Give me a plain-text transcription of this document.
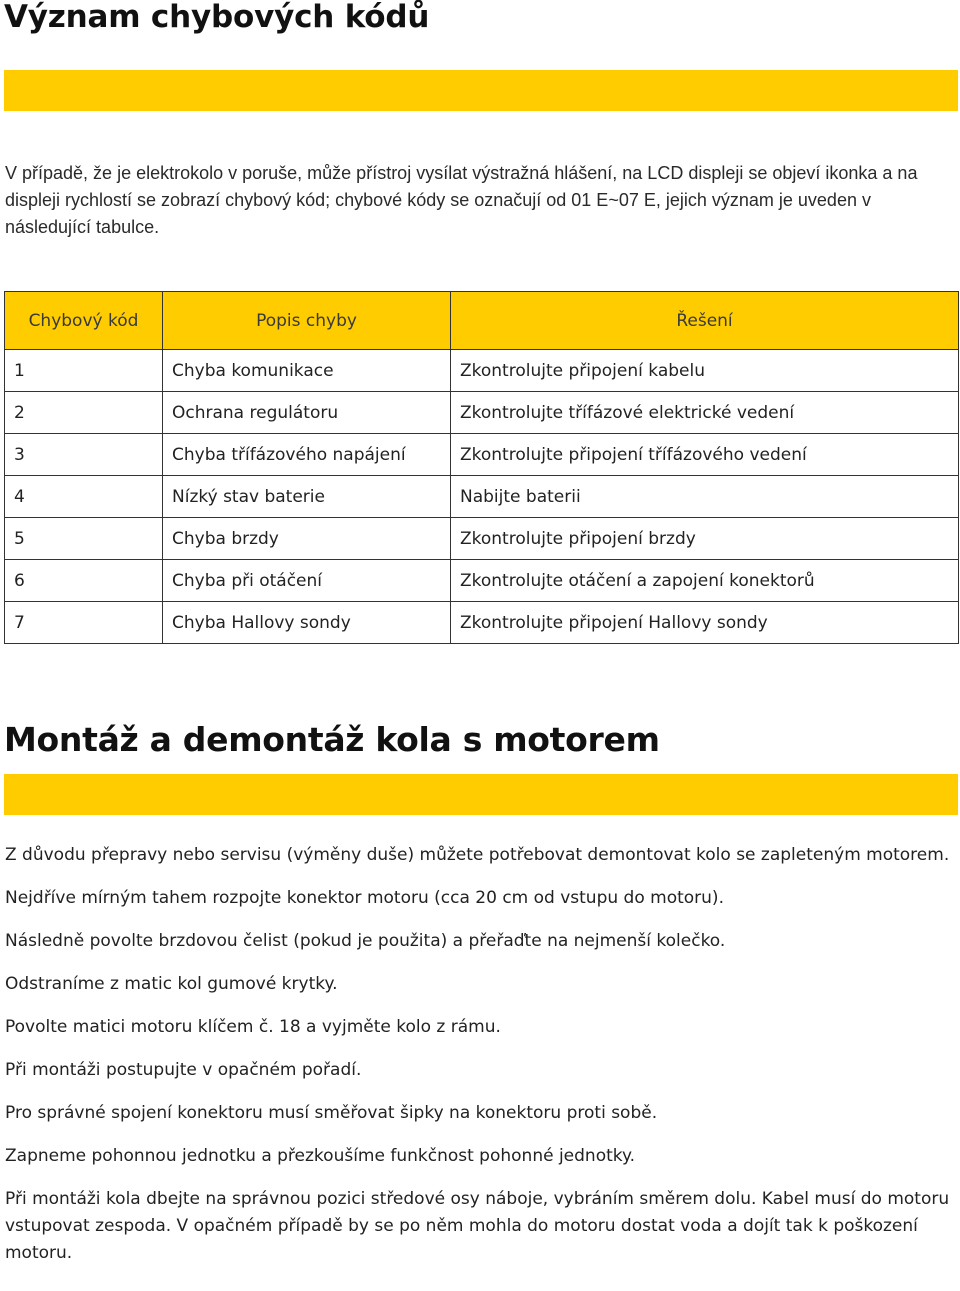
Význam chybových kódů

V případě, že je elektrokolo v poruše, může přístroj vysílat výstražná hlášení, na LCD displeji se objeví ikonka a na displeji rychlostí se zobrazí chybový kód; chybové kódy se označují od 01 E~07 E, jejich význam je uveden v následující tabulce.

Chybový kód	Popis chyby	Řešení
1	Chyba komunikace	Zkontrolujte připojení kabelu
2	Ochrana regulátoru	Zkontrolujte třífázové elektrické vedení
3	Chyba třífázového napájení	Zkontrolujte připojení třífázového vedení
4	Nízký stav baterie	Nabijte baterii
5	Chyba brzdy	Zkontrolujte připojení brzdy
6	Chyba při otáčení	Zkontrolujte otáčení a zapojení konektorů
7	Chyba Hallovy sondy	Zkontrolujte připojení Hallovy sondy
Montáž a demontáž kola s motorem

Z důvodu přepravy nebo servisu (výměny duše) můžete potřebovat demontovat kolo se zapleteným motorem.

Nejdříve mírným tahem rozpojte konektor motoru (cca 20 cm od vstupu do motoru).

Následně povolte brzdovou čelist (pokud je použita) a přeřaďte na nejmenší kolečko.

Odstraníme z matic kol gumové krytky.

Povolte matici motoru klíčem č. 18 a vyjměte kolo z rámu.

Při montáži postupujte v opačném pořadí.

Pro správné spojení konektoru musí směřovat šipky na konektoru proti sobě.

Zapneme pohonnou jednotku a přezkoušíme funkčnost pohonné jednotky.

Při montáži kola dbejte na správnou pozici středové osy náboje, vybráním směrem dolu. Kabel musí do motoru vstupovat zespoda. V opačném případě by se po něm mohla do motoru dostat voda a dojít tak k poškození motoru.
